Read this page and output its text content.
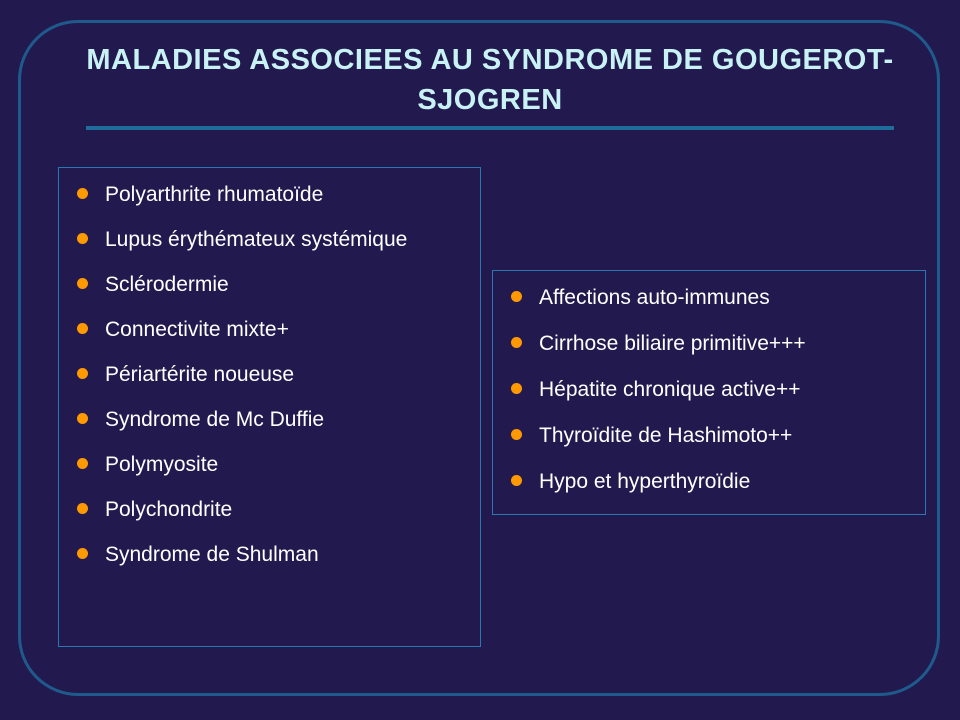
MALADIES ASSOCIEES AU SYNDROME DE GOUGEROT-SJOGREN
Polyarthrite rhumatoïde
Lupus érythémateux systémique
Sclérodermie
Connectivite mixte+
Périartérite noueuse
Syndrome de Mc Duffie
Polymyosite
Polychondrite
Syndrome de Shulman
Affections auto-immunes
Cirrhose biliaire primitive+++
Hépatite chronique active++
Thyroïdite de Hashimoto++
Hypo et hyperthyroïdie
